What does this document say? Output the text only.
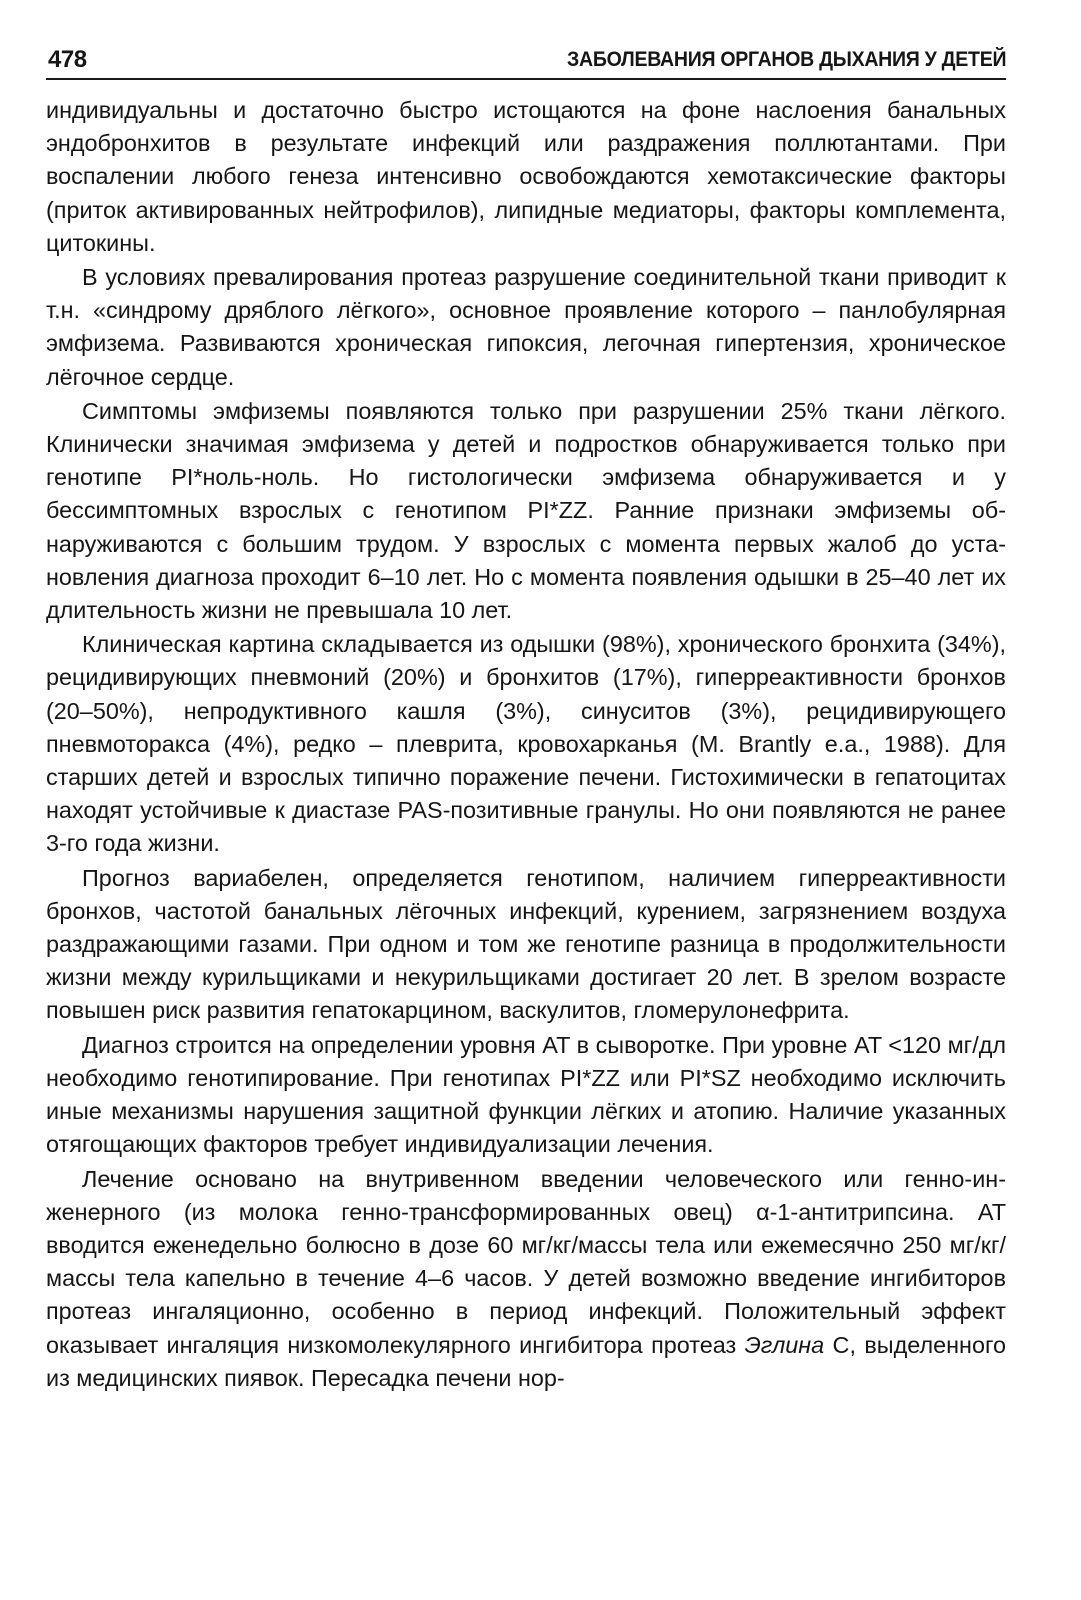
478	ЗАБОЛЕВАНИЯ ОРГАНОВ ДЫХАНИЯ У ДЕТЕЙ

индивидуальны и достаточно быстро истощаются на фоне наслоения банальных эндобронхитов в результате инфекций или раздражения поллютантами. При воспалении любого генеза интенсивно освобождаются хемотаксические факторы (приток активированных нейтрофилов), липидные медиаторы, факторы комплемента, цитокины.

В условиях превалирования протеаз разрушение соединительной ткани приводит к т.н. «синдрому дряблого лёгкого», основное проявление которого – панлобулярная эмфизема. Развиваются хроническая гипоксия, легочная гипертензия, хроническое лёгочное сердце.

Симптомы эмфиземы появляются только при разрушении 25% ткани лёгкого. Клинически значимая эмфизема у детей и подростков обнаруживается только при генотипе PI*ноль-ноль. Но гистологически эмфизема обнаруживается и у бессимптомных взрослых с генотипом PI*ZZ. Ранние признаки эмфиземы обнаруживаются с большим трудом. У взрослых с момента первых жалоб до установления диагноза проходит 6–10 лет. Но с момента появления одышки в 25–40 лет их длительность жизни не превышала 10 лет.

Клиническая картина складывается из одышки (98%), хронического бронхита (34%), рецидивирующих пневмоний (20%) и бронхитов (17%), гиперреактивности бронхов (20–50%), непродуктивного кашля (3%), синуситов (3%), рецидивирующего пневмоторакса (4%), редко – плеврита, кровохарканья (M. Brantly e.a., 1988). Для старших детей и взрослых типично поражение печени. Гистохимически в гепатоцитах находят устойчивые к диастазе PAS-позитивные гранулы. Но они появляются не ранее 3-го года жизни.

Прогноз вариабелен, определяется генотипом, наличием гиперреактивности бронхов, частотой банальных лёгочных инфекций, курением, загрязнением воздуха раздражающими газами. При одном и том же генотипе разница в продолжительности жизни между курильщиками и некурильщиками достигает 20 лет. В зрелом возрасте повышен риск развития гепатокарцином, васкулитов, гломерулонефрита.

Диагноз строится на определении уровня AT в сыворотке. При уровне AT <120 мг/дл необходимо генотипирование. При генотипах PI*ZZ или PI*SZ необходимо исключить иные механизмы нарушения защитной функции лёгких и атопию. Наличие указанных отягощающих факторов требует индивидуализации лечения.

Лечение основано на внутривенном введении человеческого или генно-инженерного (из молока генно-трансформированных овец) α-1-антитрипсина. AT вводится еженедельно болюсно в дозе 60 мг/кг/массы тела или ежемесячно 250 мг/кг/массы тела капельно в течение 4–6 часов. У детей возможно введение ингибиторов протеаз ингаляционно, особенно в период инфекций. Положительный эффект оказывает ингаляция низкомолекулярного ингибитора протеаз Эглина C, выделенного из медицинских пиявок. Пересадка печени нор-
